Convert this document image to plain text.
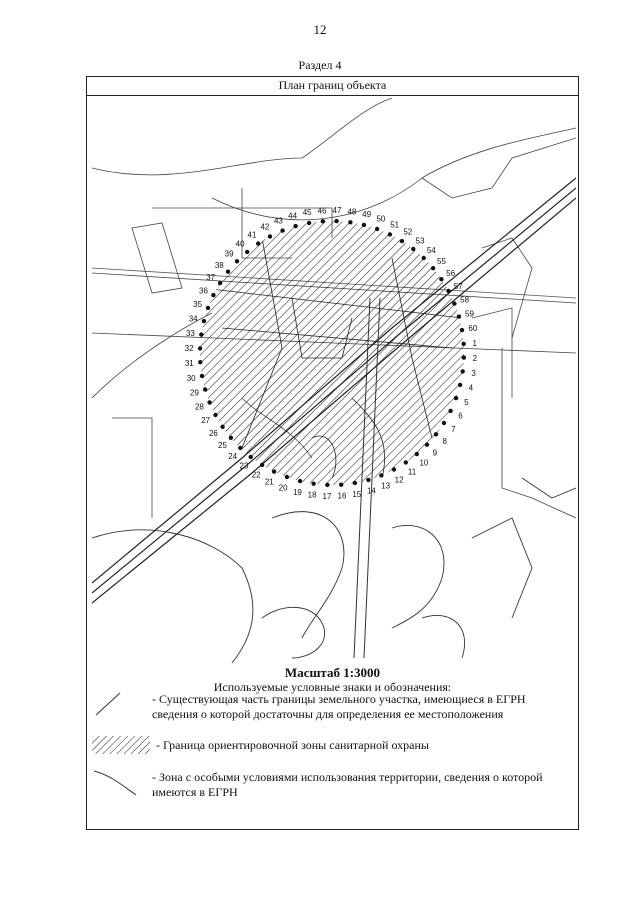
12
Раздел 4
План границ объекта
1
2
3
4
5
6
7
8
9
10
11
12
13
14
15
16
17
18
19
20
21
22
23
24
25
26
27
28
29
30
31
32
33
34
35
36
37
38
39
40
41
42
43
44 45 46 47 48 49 50
51
52
53
54
55
56
57
58
59
60
Масштаб 1:3000
Используемые условные знаки и обозначения:
- Существующая часть границы земельного участка, имеющиеся в ЕГРН сведения о которой достаточны для определения ее местоположения
- Граница ориентировочной зоны санитарной охраны
- Зона с особыми условиями использования территории, сведения о которой имеются в ЕГРН
